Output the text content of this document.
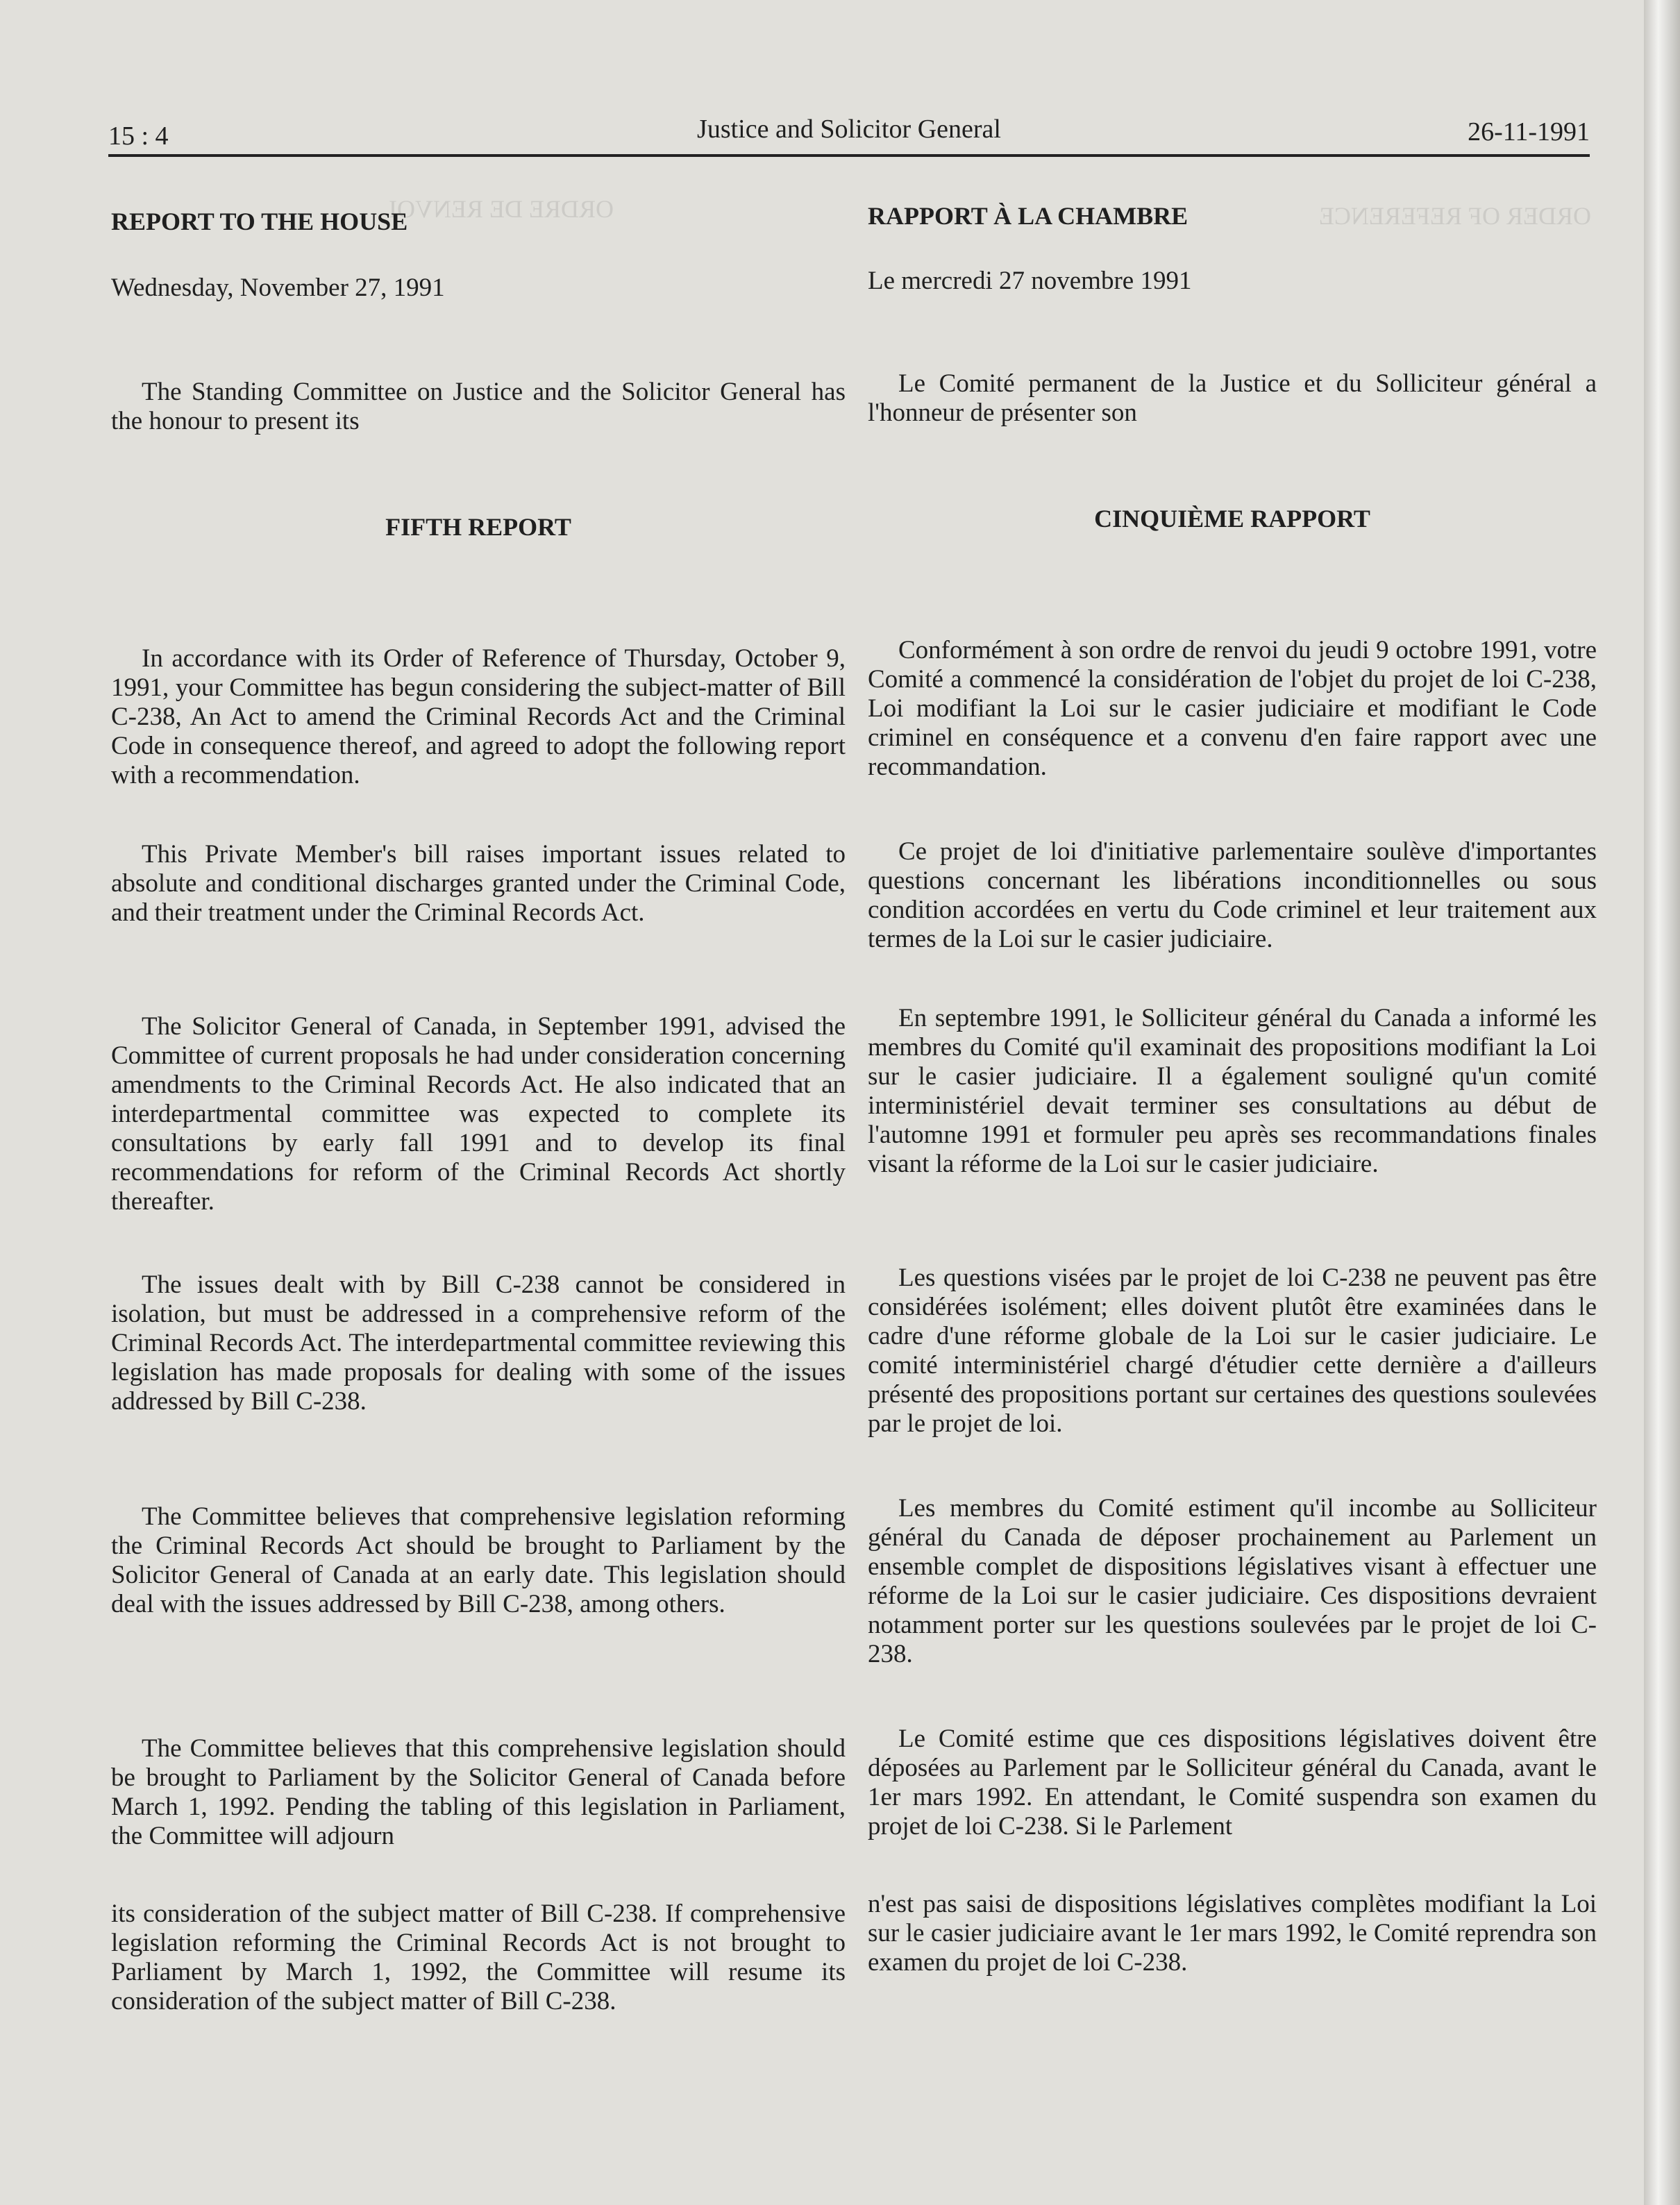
ORDRE DE RENVOI	ORDER OF REFERENCE
15 : 4	Justice and Solicitor General	26-11-1991

REPORT TO THE HOUSE

Wednesday, November 27, 1991

The Standing Committee on Justice and the Solicitor General has the honour to present its

FIFTH REPORT

In accordance with its Order of Reference of Thursday, October 9, 1991, your Committee has begun considering the subject-matter of Bill C-238, An Act to amend the Criminal Records Act and the Criminal Code in consequence thereof, and agreed to adopt the following report with a recommendation.

This Private Member's bill raises important issues related to absolute and conditional discharges granted under the Criminal Code, and their treatment under the Criminal Records Act.

The Solicitor General of Canada, in September 1991, advised the Committee of current proposals he had under consideration concerning amendments to the Criminal Records Act. He also indicated that an interdepartmental committee was expected to complete its consultations by early fall 1991 and to develop its final recommendations for reform of the Criminal Records Act shortly thereafter.

The issues dealt with by Bill C-238 cannot be considered in isolation, but must be addressed in a comprehensive reform of the Criminal Records Act. The interdepartmental committee reviewing this legislation has made proposals for dealing with some of the issues addressed by Bill C-238.

The Committee believes that comprehensive legislation reforming the Criminal Records Act should be brought to Parliament by the Solicitor General of Canada at an early date. This legislation should deal with the issues addressed by Bill C-238, among others.

The Committee believes that this comprehensive legislation should be brought to Parliament by the Solicitor General of Canada before March 1, 1992. Pending the tabling of this legislation in Parliament, the Committee will adjourn

its consideration of the subject matter of Bill C-238. If comprehensive legislation reforming the Criminal Records Act is not brought to Parliament by March 1, 1992, the Committee will resume its consideration of the subject matter of Bill C-238.

RAPPORT À LA CHAMBRE

Le mercredi 27 novembre 1991

Le Comité permanent de la Justice et du Solliciteur général a l'honneur de présenter son

CINQUIÈME RAPPORT

Conformément à son ordre de renvoi du jeudi 9 octobre 1991, votre Comité a commencé la considération de l'objet du projet de loi C-238, Loi modifiant la Loi sur le casier judiciaire et modifiant le Code criminel en conséquence et a convenu d'en faire rapport avec une recommandation.

Ce projet de loi d'initiative parlementaire soulève d'importantes questions concernant les libérations inconditionnelles ou sous condition accordées en vertu du Code criminel et leur traitement aux termes de la Loi sur le casier judiciaire.

En septembre 1991, le Solliciteur général du Canada a informé les membres du Comité qu'il examinait des propositions modifiant la Loi sur le casier judiciaire. Il a également souligné qu'un comité interministériel devait terminer ses consultations au début de l'automne 1991 et formuler peu après ses recommandations finales visant la réforme de la Loi sur le casier judiciaire.

Les questions visées par le projet de loi C-238 ne peuvent pas être considérées isolément; elles doivent plutôt être examinées dans le cadre d'une réforme globale de la Loi sur le casier judiciaire. Le comité interministériel chargé d'étudier cette dernière a d'ailleurs présenté des propositions portant sur certaines des questions soulevées par le projet de loi.

Les membres du Comité estiment qu'il incombe au Solliciteur général du Canada de déposer prochainement au Parlement un ensemble complet de dispositions législatives visant à effectuer une réforme de la Loi sur le casier judiciaire. Ces dispositions devraient notamment porter sur les questions soulevées par le projet de loi C-238.

Le Comité estime que ces dispositions législatives doivent être déposées au Parlement par le Solliciteur général du Canada, avant le 1er mars 1992. En attendant, le Comité suspendra son examen du projet de loi C-238. Si le Parlement

n'est pas saisi de dispositions législatives complètes modifiant la Loi sur le casier judiciaire avant le 1er mars 1992, le Comité reprendra son examen du projet de loi C-238.
